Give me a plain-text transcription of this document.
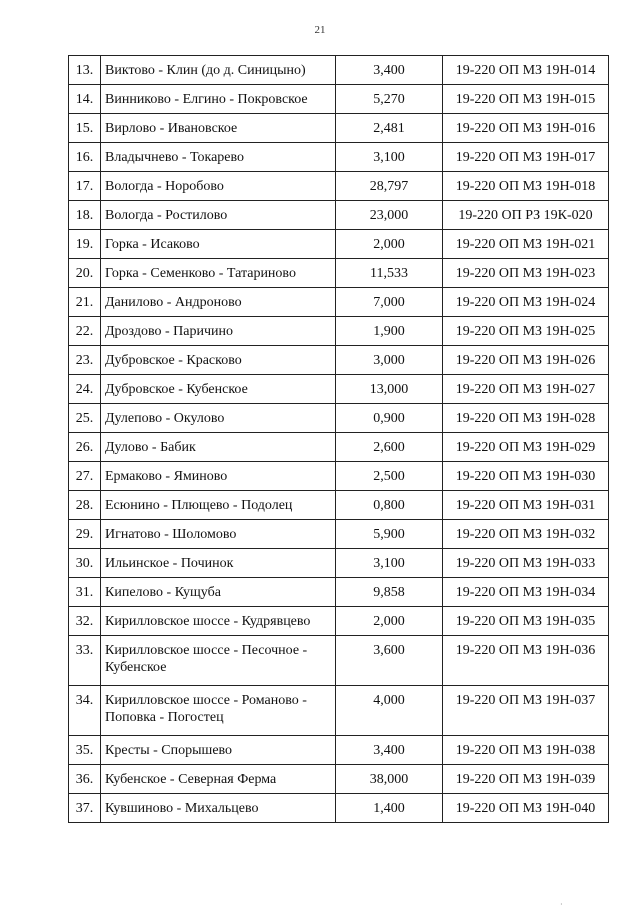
21
13.	Виктово - Клин (до д. Синицыно)	3,400	19-220 ОП МЗ 19Н-014
14.	Винниково - Елгино - Покровское	5,270	19-220 ОП МЗ 19Н-015
15.	Вирлово - Ивановское	2,481	19-220 ОП МЗ 19Н-016
16.	Владычнево - Токарево	3,100	19-220 ОП МЗ 19Н-017
17.	Вологда - Норобово	28,797	19-220 ОП МЗ 19Н-018
18.	Вологда - Ростилово	23,000	19-220 ОП РЗ 19К-020
19.	Горка - Исаково	2,000	19-220 ОП МЗ 19Н-021
20.	Горка - Семенково - Татариново	11,533	19-220 ОП МЗ 19Н-023
21.	Данилово - Андроново	7,000	19-220 ОП МЗ 19Н-024
22.	Дроздово - Паричино	1,900	19-220 ОП МЗ 19Н-025
23.	Дубровское - Красково	3,000	19-220 ОП МЗ 19Н-026
24.	Дубровское - Кубенское	13,000	19-220 ОП МЗ 19Н-027
25.	Дулепово - Окулово	0,900	19-220 ОП МЗ 19Н-028
26.	Дулово - Бабик	2,600	19-220 ОП МЗ 19Н-029
27.	Ермаково - Яминово	2,500	19-220 ОП МЗ 19Н-030
28.	Есюнино - Плющево - Подолец	0,800	19-220 ОП МЗ 19Н-031
29.	Игнатово - Шоломово	5,900	19-220 ОП МЗ 19Н-032
30.	Ильинское - Починок	3,100	19-220 ОП МЗ 19Н-033
31.	Кипелово - Кущуба	9,858	19-220 ОП МЗ 19Н-034
32.	Кирилловское шоссе - Кудрявцево	2,000	19-220 ОП МЗ 19Н-035
33.	Кирилловское шоссе - Песочное - Кубенское	3,600	19-220 ОП МЗ 19Н-036
34.	Кирилловское шоссе - Романово - Поповка - Погостец	4,000	19-220 ОП МЗ 19Н-037
35.	Кресты - Спорышево	3,400	19-220 ОП МЗ 19Н-038
36.	Кубенское - Северная Ферма	38,000	19-220 ОП МЗ 19Н-039
37.	Кувшиново - Михальцево	1,400	19-220 ОП МЗ 19Н-040
·
